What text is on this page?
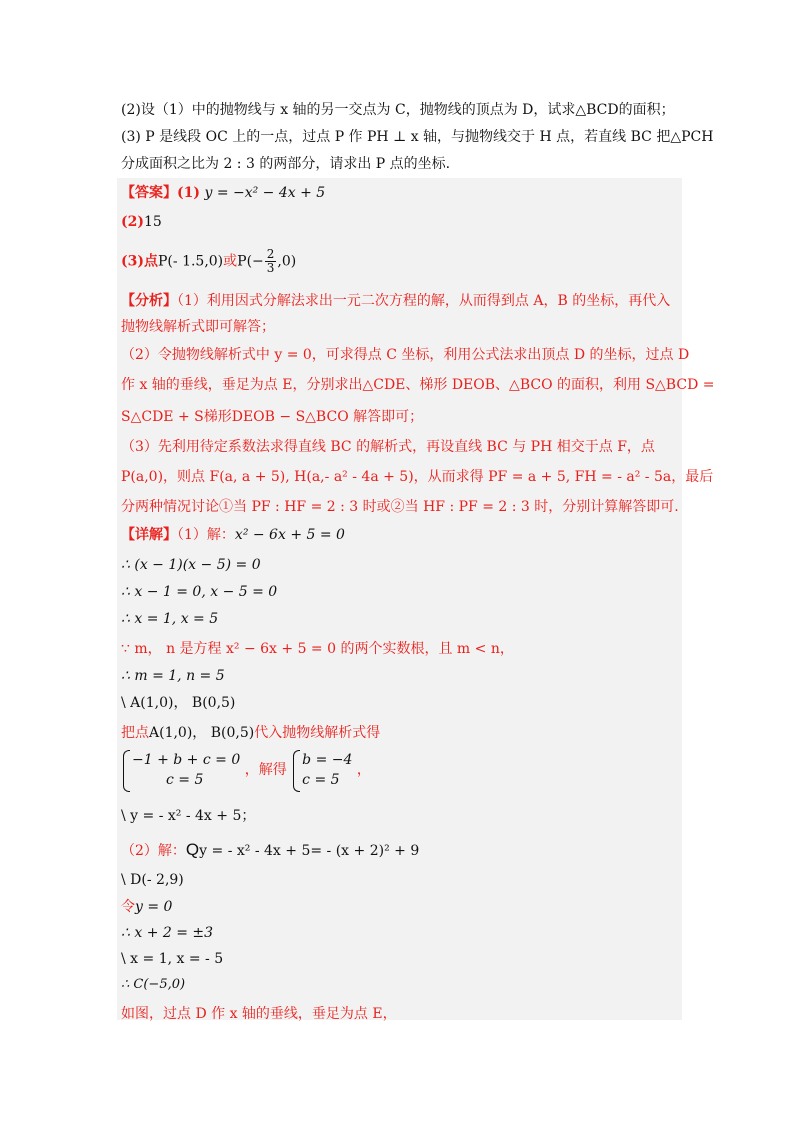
(2)设（1）中的抛物线与 x 轴的另一交点为 C，抛物线的顶点为 D，试求△BCD的面积；
(3) P 是线段 OC 上的一点，过点 P 作 PH ⊥ x 轴，与抛物线交于 H 点，若直线 BC 把△PCH
分成面积之比为 2 : 3 的两部分，请求出 P 点的坐标.
【答案】(1) y = −x² − 4x + 5
(2)15
(3)点P(- 1.5,0)或$P(- \frac{2}{3} ,0)$
【分析】（1）利用因式分解法求出一元二次方程的解，从而得到点 A，B 的坐标，再代入
抛物线解析式即可解答；
（2）令抛物线解析式中 y = 0，可求得点 C 坐标，利用公式法求出顶点 D 的坐标，过点 D
作 x 轴的垂线，垂足为点 E，分别求出△CDE、梯形 DEOB、△BCO 的面积，利用 S△BCD =
S△CDE + S梯形DEOB − S△BCO 解答即可；
（3）先利用待定系数法求得直线 BC 的解析式，再设直线 BC 与 PH 相交于点 F，点
P(a,0)，则点 F(a, a + 5), H(a,- a² - 4a + 5)，从而求得 PF = a + 5, FH = - a² - 5a，最后
分两种情况讨论①当 PF : HF = 2 : 3 时或②当 HF : PF = 2 : 3 时，分别计算解答即可.
【详解】（1）解：x² − 6x + 5 = 0
∴ (x − 1)(x − 5) = 0
∴ x − 1 = 0, x − 5 = 0
∴ x = 1, x = 5
∵ m， n 是方程 x² − 6x + 5 = 0 的两个实数根，且 m < n，
∴ m = 1, n = 5
\ A(1,0)， B(0,5)
把点A(1,0)， B(0,5)代入抛物线解析式得
−1 + b + c = 0
c = 5
，解得
b = −4
c = 5
，
\ y = - x² - 4x + 5；
（2）解：Qy = - x² - 4x + 5= - (x + 2)² + 9
\ D(- 2,9)
令y = 0
∴ x + 2 = ±3
\ x = 1, x = - 5
∴ C(−5,0)
如图，过点 D 作 x 轴的垂线，垂足为点 E，
